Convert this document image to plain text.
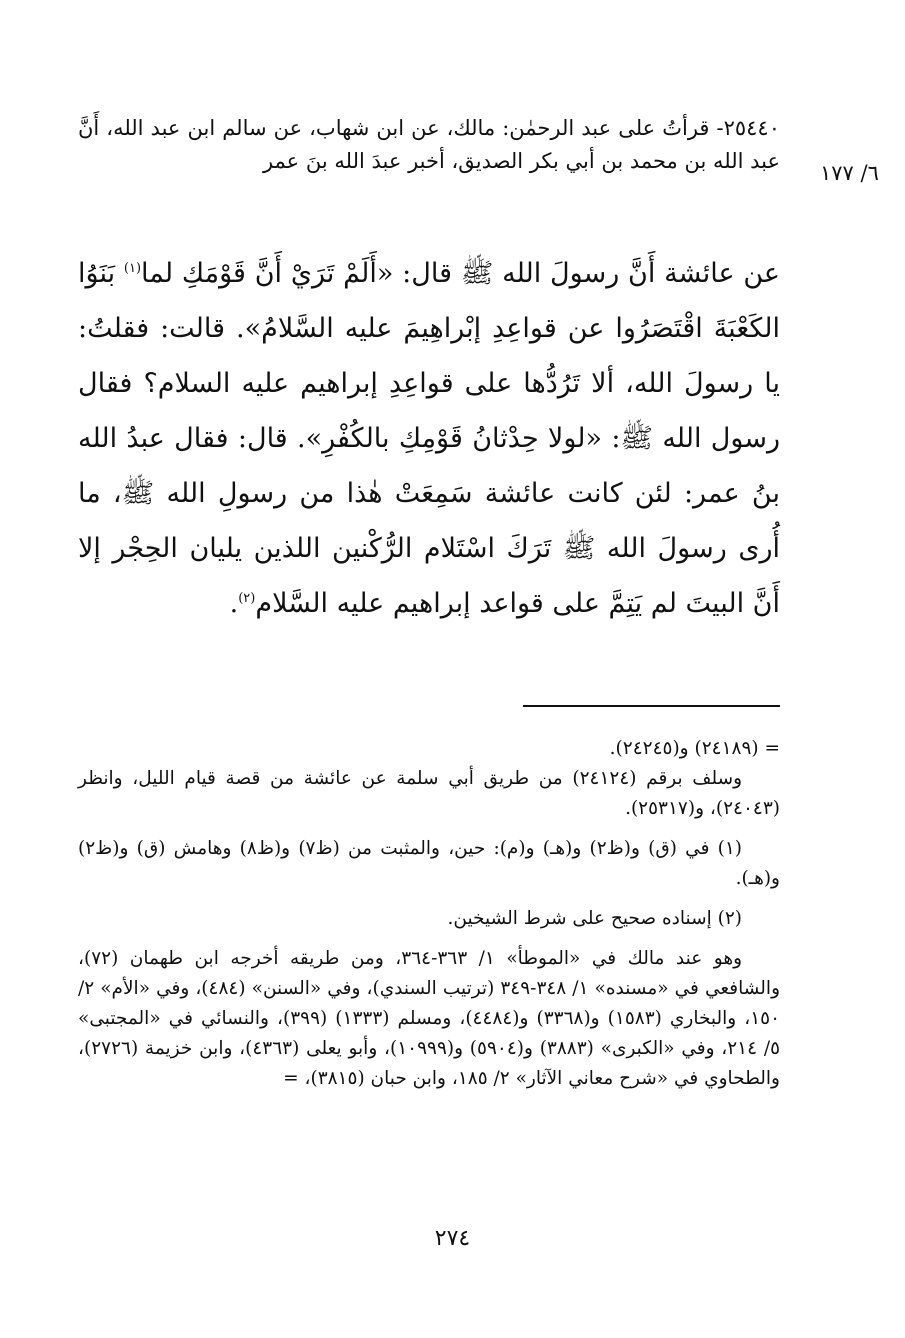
٦/ ١٧٧
٢٥٤٤٠- قرأتُ على عبد الرحمٰن: مالك، عن ابن شهاب، عن سالم ابن عبد الله، أَنَّ عبد الله بن محمد بن أبي بكر الصديق، أخبر عبدَ الله بنَ عمر
عن عائشة أَنَّ رسولَ الله ﷺ قال: «أَلَمْ تَرَيْ أَنَّ قَوْمَكِ لما$^{(١)}$ بَنَوُا الكَعْبَةَ اقْتَصَرُوا عن قواعِدِ إبْراهِيمَ عليه السَّلامُ». قالت: فقلتُ: يا رسولَ الله، ألا تَرُدُّها على قواعِدِ إبراهيم عليه السلام؟ فقال رسول الله ﷺ: «لولا حِدْثانُ قَوْمِكِ بالكُفْرِ». قال: فقال عبدُ الله بنُ عمر: لئن كانت عائشة سَمِعَتْ هٰذا من رسولِ الله ﷺ، ما أُرى رسولَ الله ﷺ تَرَكَ اسْتَلام الرُّكْنين اللذين يليان الحِجْر إلا أَنَّ البيتَ لم يَتِمَّ على قواعد إبراهيم عليه السَّلام$^{(٢)}$.

= (٢٤١٨٩) و(٢٤٢٤٥).

وسلف برقم (٢٤١٢٤) من طريق أبي سلمة عن عائشة من قصة قيام الليل، وانظر (٢٤٠٤٣)، و(٢٥٣١٧).

(١) في (ق) و(ظ٢) و(هـ) و(م): حين، والمثبت من (ظ٧) و(ظ٨) وهامش (ق) و(ظ٢) و(هـ).

(٢) إسناده صحيح على شرط الشيخين.

وهو عند مالك في «الموطأ» ١/ ٣٦٣-٣٦٤، ومن طريقه أخرجه ابن طهمان (٧٢)، والشافعي في «مسنده» ١/ ٣٤٨-٣٤٩ (ترتيب السندي)، وفي «السنن» (٤٨٤)، وفي «الأم» ٢/ ١٥٠، والبخاري (١٥٨٣) و(٣٣٦٨) و(٤٤٨٤)، ومسلم (١٣٣٣) (٣٩٩)، والنسائي في «المجتبى» ٥/ ٢١٤، وفي «الكبرى» (٣٨٨٣) و(٥٩٠٤) و(١٠٩٩٩)، وأبو يعلى (٤٣٦٣)، وابن خزيمة (٢٧٢٦)، والطحاوي في «شرح معاني الآثار» ٢/ ١٨٥، وابن حبان (٣٨١٥)، =

٢٧٤
